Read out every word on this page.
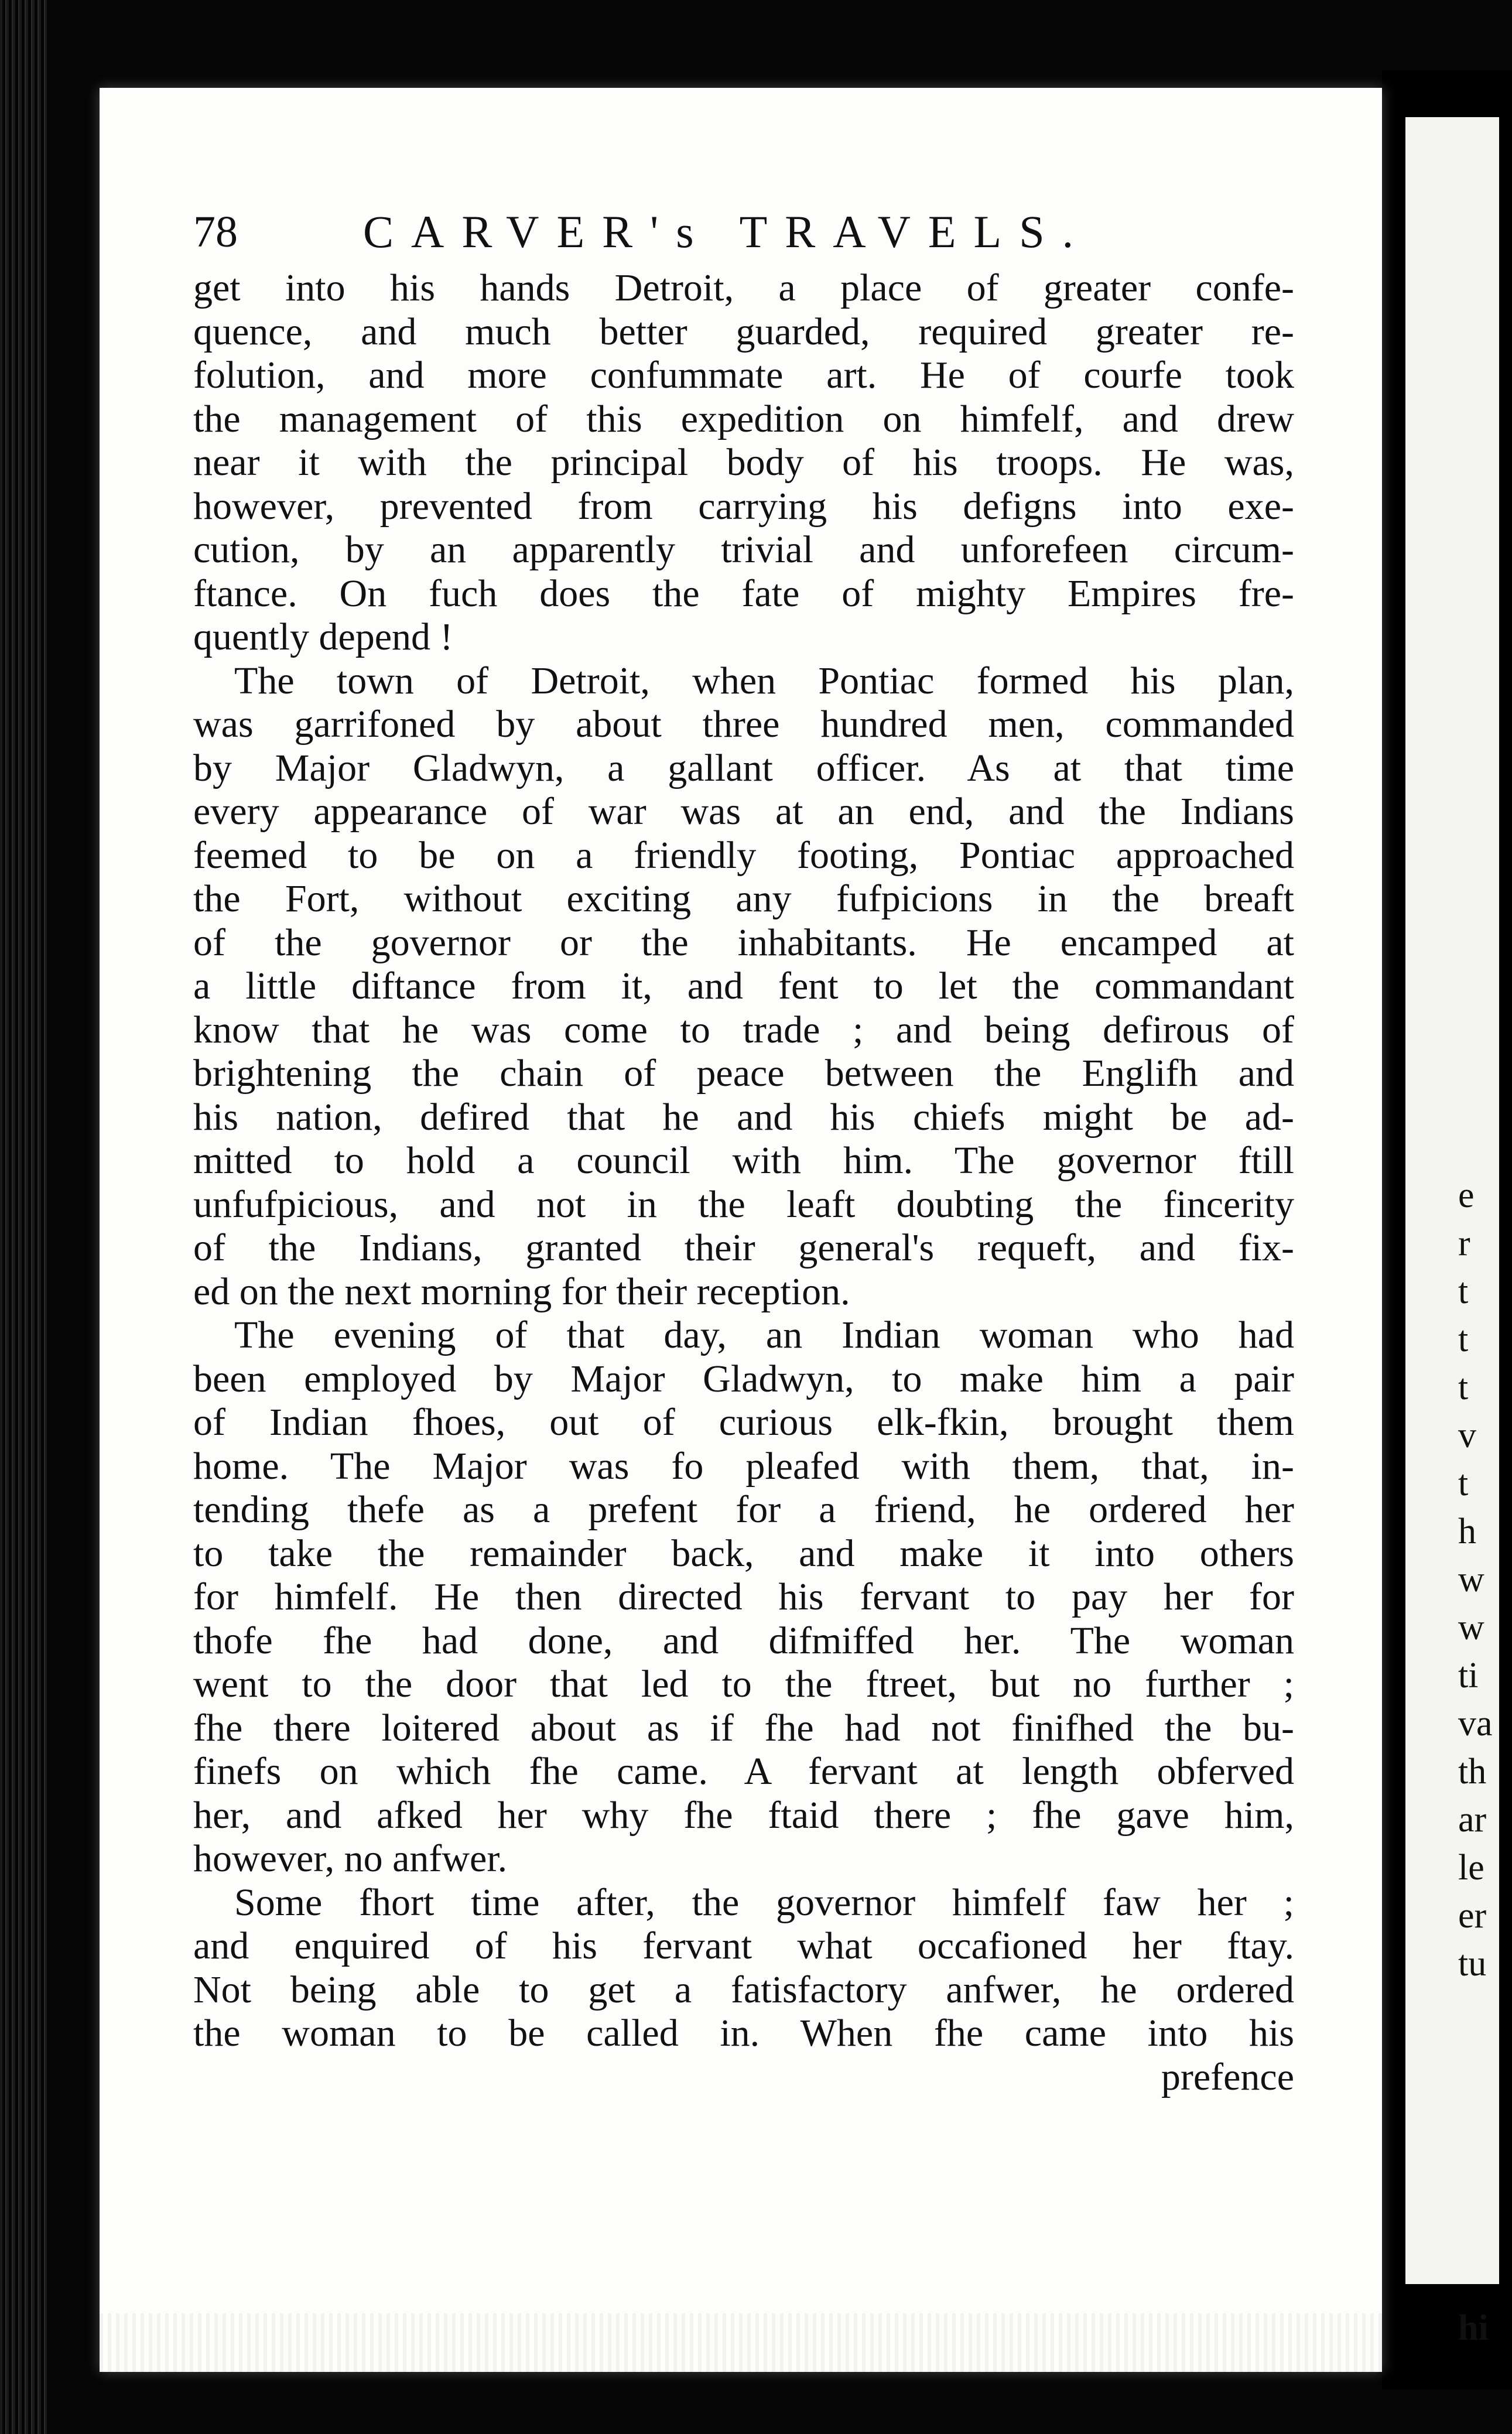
e
r
t
t
t
v
t
h
w
w
ti
va
th
ar
le
er
tu
hi
78	CARVER's TRAVELS.
get into his hands Detroit, a place of greater confe-
quence, and much better guarded, required greater re-
folution, and more confummate art. He of courfe took
the management of this expedition on himfelf, and drew
near it with the principal body of his troops. He was,
however, prevented from carrying his defigns into exe-
cution, by an apparently trivial and unforefeen circum-
ftance. On fuch does the fate of mighty Empires fre-
quently depend !
The town of Detroit, when Pontiac formed his plan,
was garrifoned by about three hundred men, commanded
by Major Gladwyn, a gallant officer. As at that time
every appearance of war was at an end, and the Indians
feemed to be on a friendly footing, Pontiac approached
the Fort, without exciting any fufpicions in the breaft
of the governor or the inhabitants. He encamped at
a little diftance from it, and fent to let the commandant
know that he was come to trade ; and being defirous of
brightening the chain of peace between the Englifh and
his nation, defired that he and his chiefs might be ad-
mitted to hold a council with him. The governor ftill
unfufpicious, and not in the leaft doubting the fincerity
of the Indians, granted their general's requeft, and fix-
ed on the next morning for their reception.
The evening of that day, an Indian woman who had
been employed by Major Gladwyn, to make him a pair
of Indian fhoes, out of curious elk-fkin, brought them
home. The Major was fo pleafed with them, that, in-
tending thefe as a prefent for a friend, he ordered her
to take the remainder back, and make it into others
for himfelf. He then directed his fervant to pay her for
thofe fhe had done, and difmiffed her. The woman
went to the door that led to the ftreet, but no further ;
fhe there loitered about as if fhe had not finifhed the bu-
finefs on which fhe came. A fervant at length obferved
her, and afked her why fhe ftaid there ; fhe gave him,
however, no anfwer.
Some fhort time after, the governor himfelf faw her ;
and enquired of his fervant what occafioned her ftay.
Not being able to get a fatisfactory anfwer, he ordered
the woman to be called in. When fhe came into his
prefence
